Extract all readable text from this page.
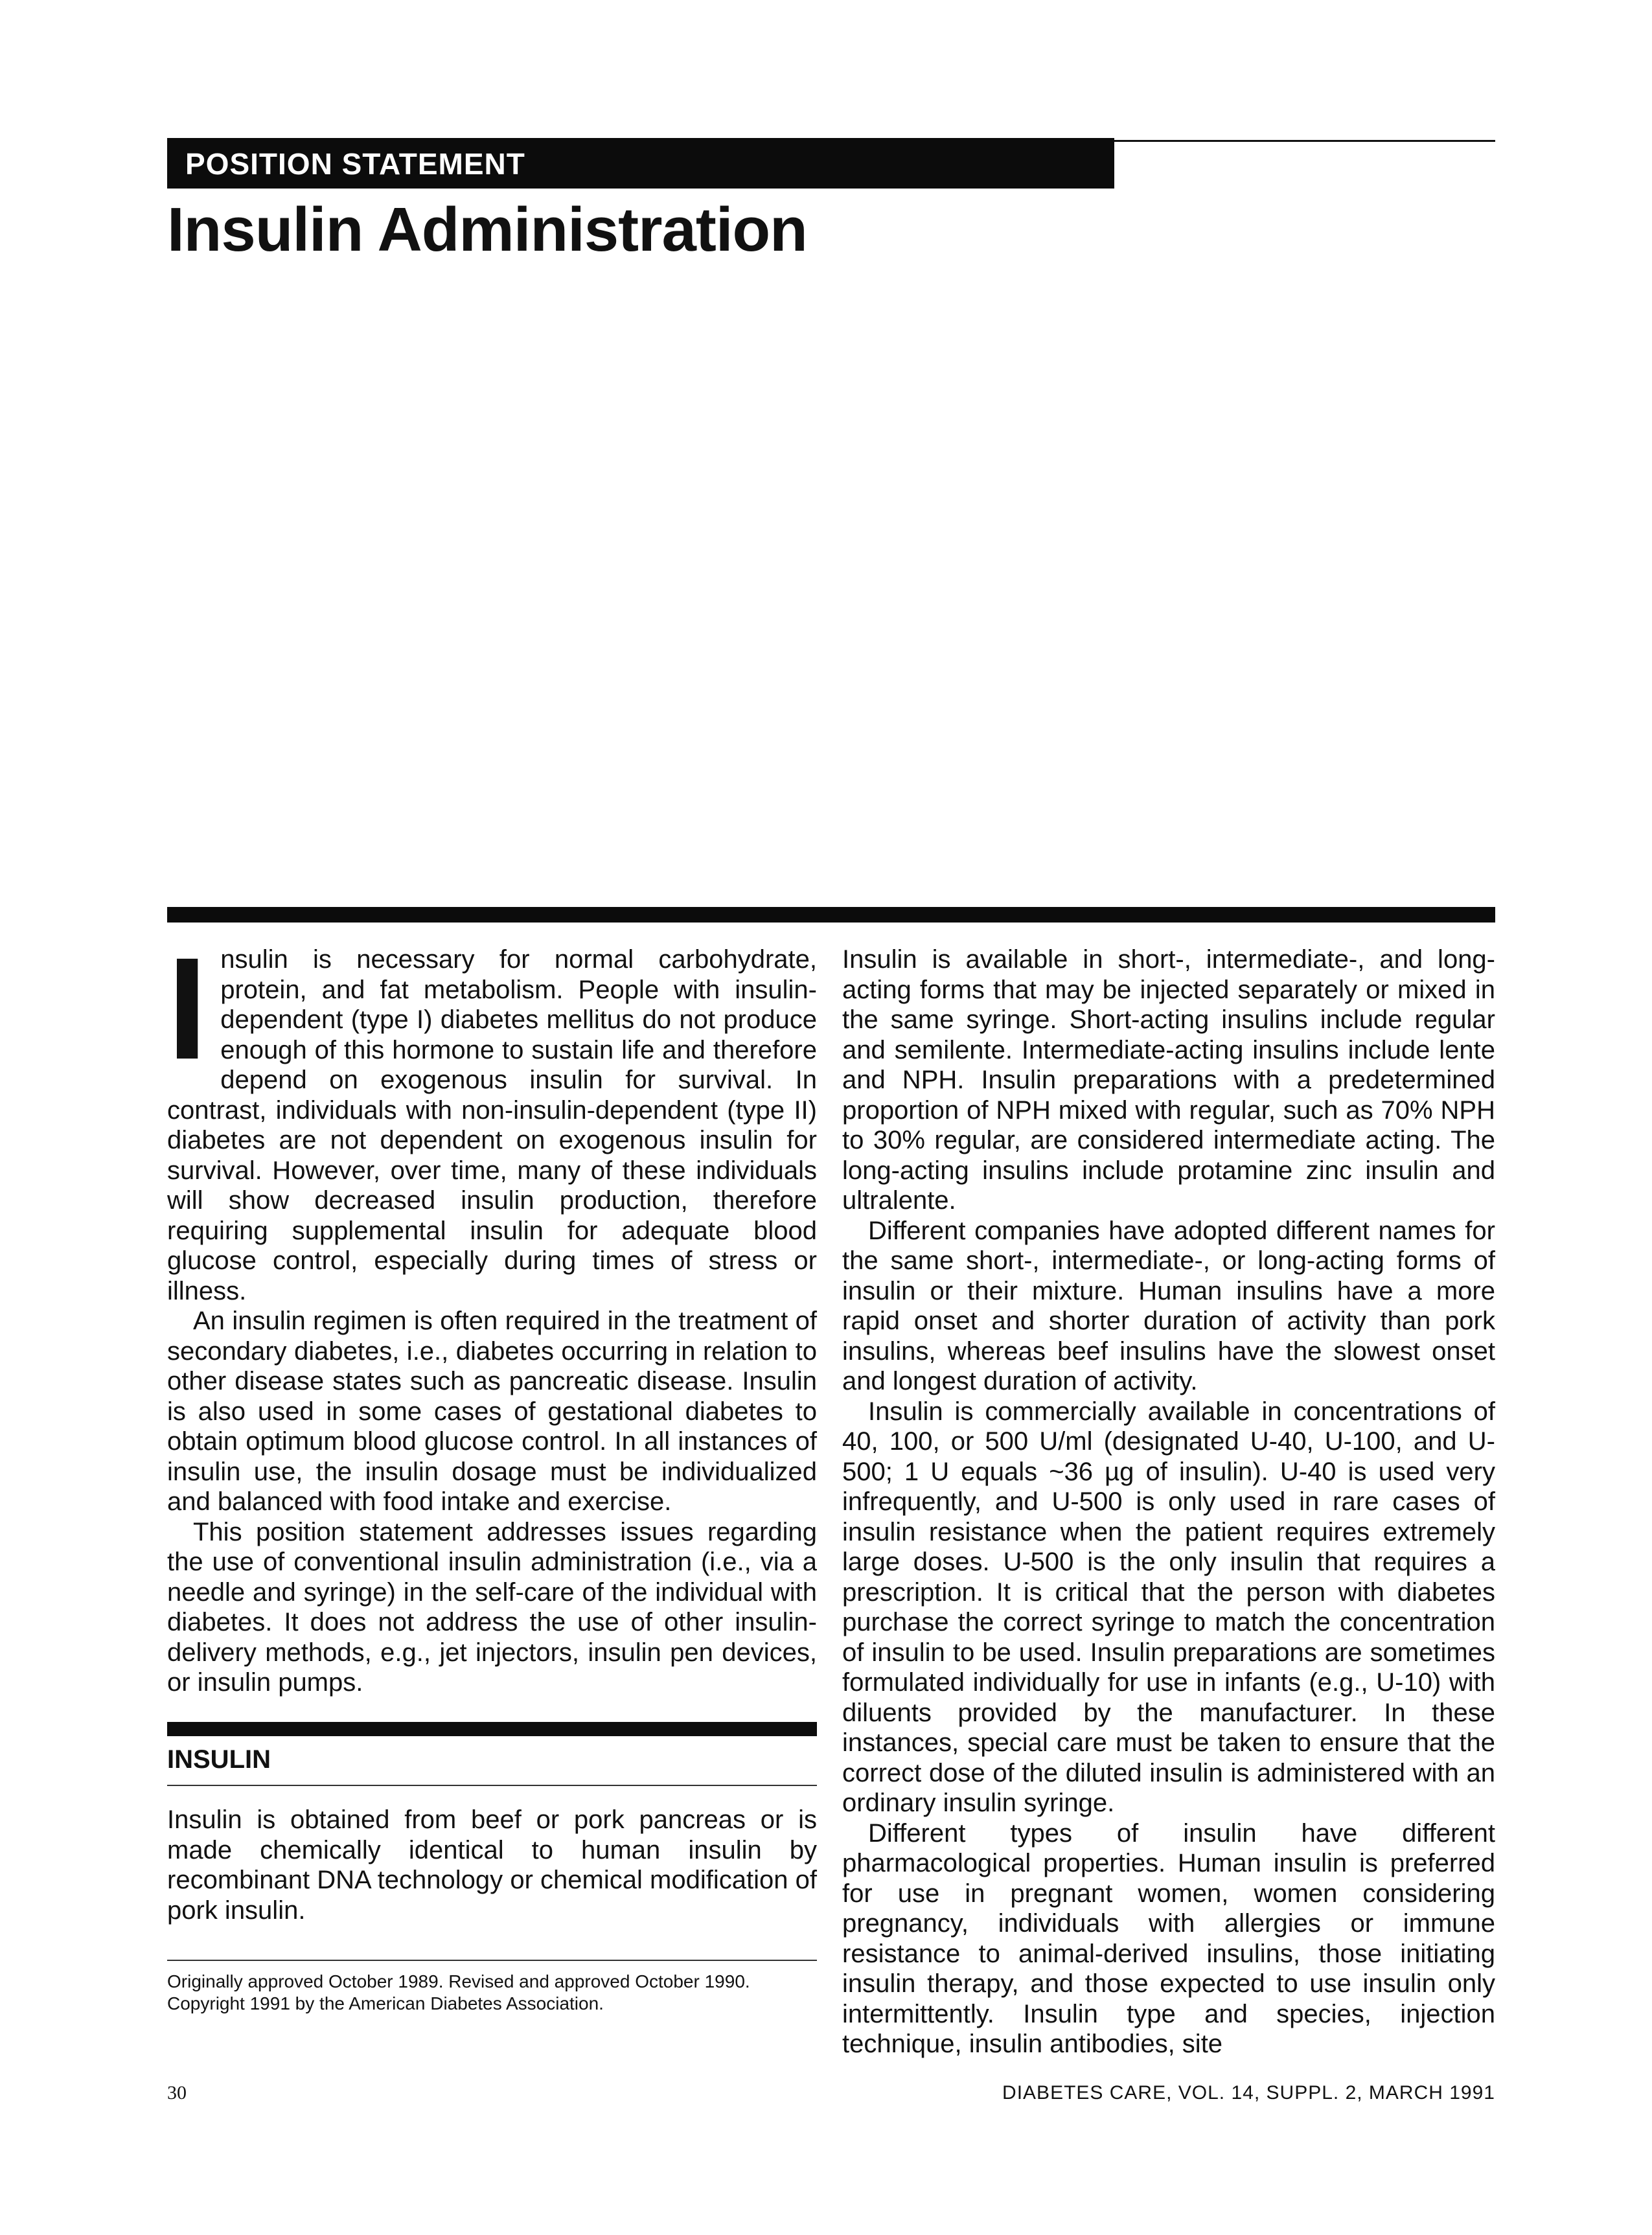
POSITION STATEMENT
Insulin Administration

Insulin is necessary for normal carbohydrate, protein, and fat metabolism. People with insulin-dependent (type I) diabetes mellitus do not produce enough of this hormone to sustain life and therefore depend on exogenous insulin for survival. In contrast, individuals with non-insulin-dependent (type II) diabetes are not dependent on exogenous insulin for survival. However, over time, many of these individuals will show decreased insulin production, therefore requiring supplemental insulin for adequate blood glucose control, especially during times of stress or illness.

An insulin regimen is often required in the treatment of secondary diabetes, i.e., diabetes occurring in relation to other disease states such as pancreatic disease. Insulin is also used in some cases of gestational diabetes to obtain optimum blood glucose control. In all instances of insulin use, the insulin dosage must be individualized and balanced with food intake and exercise.

This position statement addresses issues regarding the use of conventional insulin administration (i.e., via a needle and syringe) in the self-care of the individual with diabetes. It does not address the use of other insulin-delivery methods, e.g., jet injectors, insulin pen devices, or insulin pumps.

INSULIN

Insulin is obtained from beef or pork pancreas or is made chemically identical to human insulin by recombinant DNA technology or chemical modification of pork insulin.

Originally approved October 1989. Revised and approved October 1990.
Copyright 1991 by the American Diabetes Association.

Insulin is available in short-, intermediate-, and long-acting forms that may be injected separately or mixed in the same syringe. Short-acting insulins include regular and semilente. Intermediate-acting insulins include lente and NPH. Insulin preparations with a predetermined proportion of NPH mixed with regular, such as 70% NPH to 30% regular, are considered intermediate acting. The long-acting insulins include protamine zinc insulin and ultralente.

Different companies have adopted different names for the same short-, intermediate-, or long-acting forms of insulin or their mixture. Human insulins have a more rapid onset and shorter duration of activity than pork insulins, whereas beef insulins have the slowest onset and longest duration of activity.

Insulin is commercially available in concentrations of 40, 100, or 500 U/ml (designated U-40, U-100, and U-500; 1 U equals ~36 µg of insulin). U-40 is used very infrequently, and U-500 is only used in rare cases of insulin resistance when the patient requires extremely large doses. U-500 is the only insulin that requires a prescription. It is critical that the person with diabetes purchase the correct syringe to match the concentration of insulin to be used. Insulin preparations are sometimes formulated individually for use in infants (e.g., U-10) with diluents provided by the manufacturer. In these instances, special care must be taken to ensure that the correct dose of the diluted insulin is administered with an ordinary insulin syringe.

Different types of insulin have different pharmacological properties. Human insulin is preferred for use in pregnant women, women considering pregnancy, individuals with allergies or immune resistance to animal-derived insulins, those initiating insulin therapy, and those expected to use insulin only intermittently. Insulin type and species, injection technique, insulin antibodies, site

30	DIABETES CARE, VOL. 14, SUPPL. 2, MARCH 1991
